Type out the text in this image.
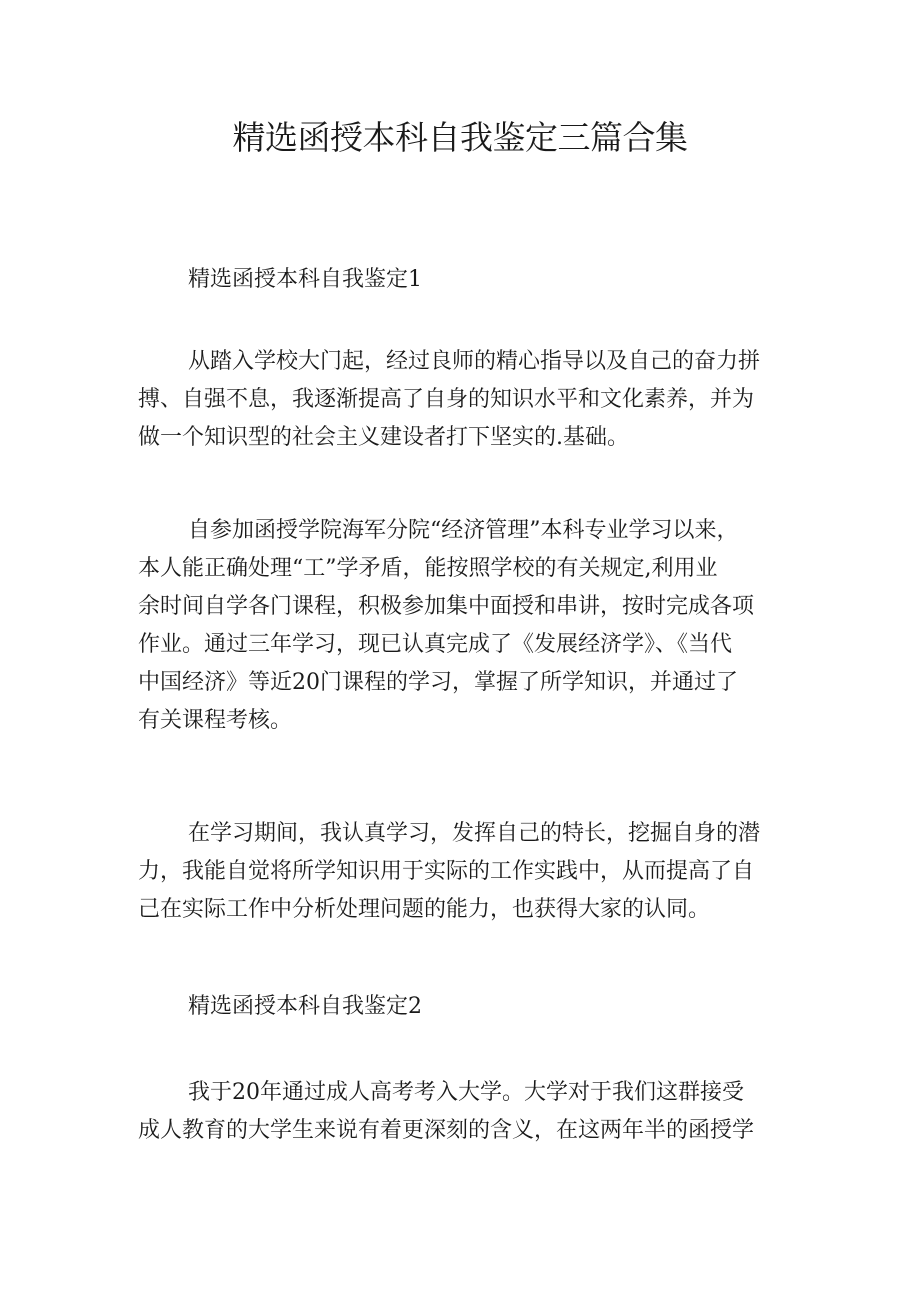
精选函授本科自我鉴定三篇合集
精选函授本科自我鉴定1

从踏入学校大门起，经过良师的精心指导以及自己的奋力拼
搏、自强不息，我逐渐提高了自身的知识水平和文化素养，并为
做一个知识型的社会主义建设者打下坚实的.基础。

自参加函授学院海军分院“经济管理”本科专业学习以来，
本人能正确处理“工”学矛盾，能按照学校的有关规定,利用业
余时间自学各门课程，积极参加集中面授和串讲，按时完成各项
作业。通过三年学习，现已认真完成了《发展经济学》、《当代
中国经济》等近20门课程的学习，掌握了所学知识，并通过了
有关课程考核。

在学习期间，我认真学习，发挥自己的特长，挖掘自身的潜
力，我能自觉将所学知识用于实际的工作实践中，从而提高了自
己在实际工作中分析处理问题的能力，也获得大家的认同。

精选函授本科自我鉴定2

我于20年通过成人高考考入大学。大学对于我们这群接受
成人教育的大学生来说有着更深刻的含义，在这两年半的函授学
